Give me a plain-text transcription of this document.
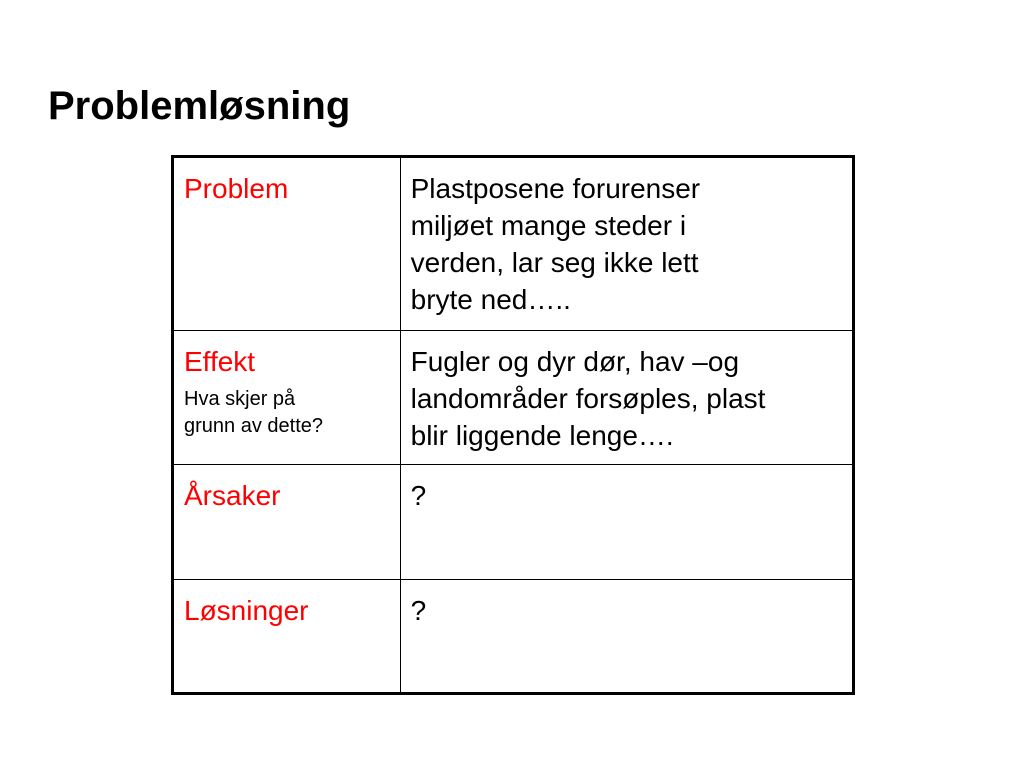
Problemløsning
Problem	Plastposene forurenser
miljøet mange steder i
verden, lar seg ikke lett
bryte ned…..

Effekt
Hva skjer på
grunn av dette?	Fugler og dyr dør, hav –og
landområder forsøples, plast
blir liggende lenge….

Årsaker	?

Løsninger	?
